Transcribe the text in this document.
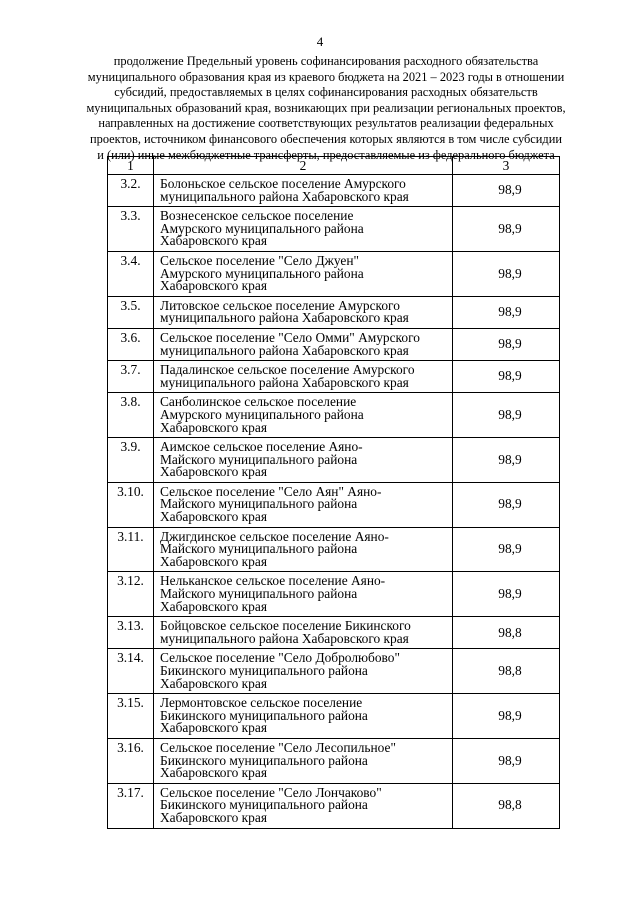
4
продолжение Предельный уровень софинансирования расходного обязательства
муниципального образования края из краевого бюджета на 2021 – 2023 годы в отношении
субсидий, предоставляемых в целях софинансирования расходных обязательств
муниципальных образований края, возникающих при реализации региональных проектов,
направленных на достижение соответствующих результатов реализации федеральных
проектов, источником финансового обеспечения которых являются в том числе субсидии
и (или) иные межбюджетные трансферты, предоставляемые из федерального бюджета
1	2	3
3.2.	Болоньское сельское поселение Амурского
муниципального района Хабаровского края	98,9
3.3.	Вознесенское сельское поселение
Амурского муниципального района
Хабаровского края	98,9
3.4.	Сельское поселение "Село Джуен"
Амурского муниципального района
Хабаровского края	98,9
3.5.	Литовское сельское поселение Амурского
муниципального района Хабаровского края	98,9
3.6.	Сельское поселение "Село Омми" Амурского
муниципального района Хабаровского края	98,9
3.7.	Падалинское сельское поселение Амурского
муниципального района Хабаровского края	98,9
3.8.	Санболинское сельское поселение
Амурского муниципального района
Хабаровского края	98,9
3.9.	Аимское сельское поселение Аяно-
Майского муниципального района
Хабаровского края	98,9
3.10.	Сельское поселение "Село Аян" Аяно-
Майского муниципального района
Хабаровского края	98,9
3.11.	Джигдинское сельское поселение Аяно-
Майского муниципального района
Хабаровского края	98,9
3.12.	Нельканское сельское поселение Аяно-
Майского муниципального района
Хабаровского края	98,9
3.13.	Бойцовское сельское поселение Бикинского
муниципального района Хабаровского края	98,8
3.14.	Сельское поселение "Село Добролюбово"
Бикинского муниципального района
Хабаровского края	98,8
3.15.	Лермонтовское сельское поселение
Бикинского муниципального района
Хабаровского края	98,9
3.16.	Сельское поселение "Село Лесопильное"
Бикинского муниципального района
Хабаровского края	98,9
3.17.	Сельское поселение "Село Лончаково"
Бикинского муниципального района
Хабаровского края	98,8
